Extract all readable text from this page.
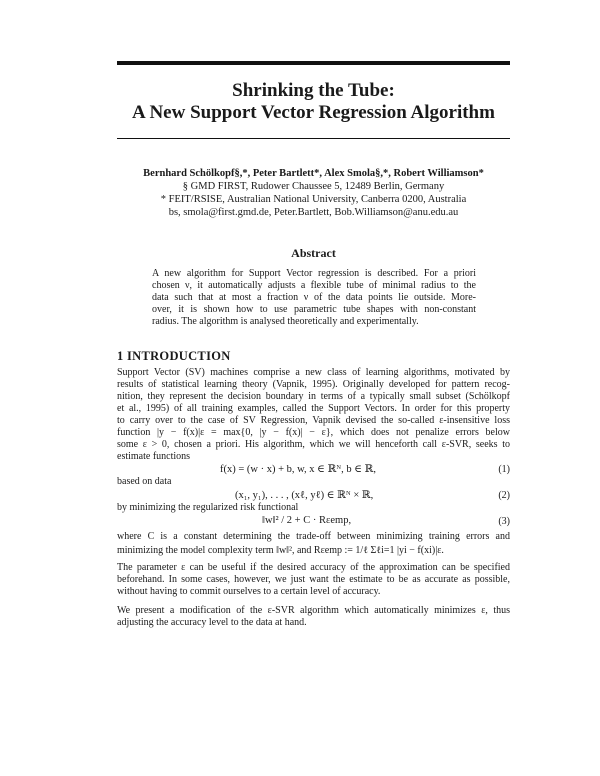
Shrinking the Tube:
A New Support Vector Regression Algorithm
Bernhard Schölkopf§,*, Peter Bartlett*, Alex Smola§,*, Robert Williamson*
§ GMD FIRST, Rudower Chaussee 5, 12489 Berlin, Germany
* FEIT/RSISE, Australian National University, Canberra 0200, Australia
bs, smola@first.gmd.de, Peter.Bartlett, Bob.Williamson@anu.edu.au
Abstract
A new algorithm for Support Vector regression is described. For a priori
chosen ν, it automatically adjusts a flexible tube of minimal radius to the
data such that at most a fraction ν of the data points lie outside. More-
over, it is shown how to use parametric tube shapes with non-constant
radius. The algorithm is analysed theoretically and experimentally.
1 INTRODUCTION
Support Vector (SV) machines comprise a new class of learning algorithms, motivated by
results of statistical learning theory (Vapnik, 1995). Originally developed for pattern recog-
nition, they represent the decision boundary in terms of a typically small subset (Schölkopf
et al., 1995) of all training examples, called the Support Vectors. In order for this property
to carry over to the case of SV Regression, Vapnik devised the so-called ε-insensitive loss
function |y − f(x)|ε = max{0, |y − f(x)| − ε}, which does not penalize errors below
some ε > 0, chosen a priori. His algorithm, which we will henceforth call ε-SVR, seeks to
estimate functions
f(x) = (w · x) + b, w, x ∈ ℝᴺ, b ∈ ℝ,	(1)
based on data
(x₁, y₁), . . . , (xℓ, yℓ) ∈ ℝᴺ × ℝ,	(2)
by minimizing the regularized risk functional
‖w‖² / 2 + C · Rεemp,	(3)
where C is a constant determining the trade-off between minimizing training errors and
minimizing the model complexity term ‖w‖², and Rεemp := 1/ℓ Σℓi=1 |yi − f(xi)|ε.
The parameter ε can be useful if the desired accuracy of the approximation can be specified
beforehand. In some cases, however, we just want the estimate to be as accurate as possible,
without having to commit ourselves to a certain level of accuracy.
We present a modification of the ε-SVR algorithm which automatically minimizes ε, thus
adjusting the accuracy level to the data at hand.
